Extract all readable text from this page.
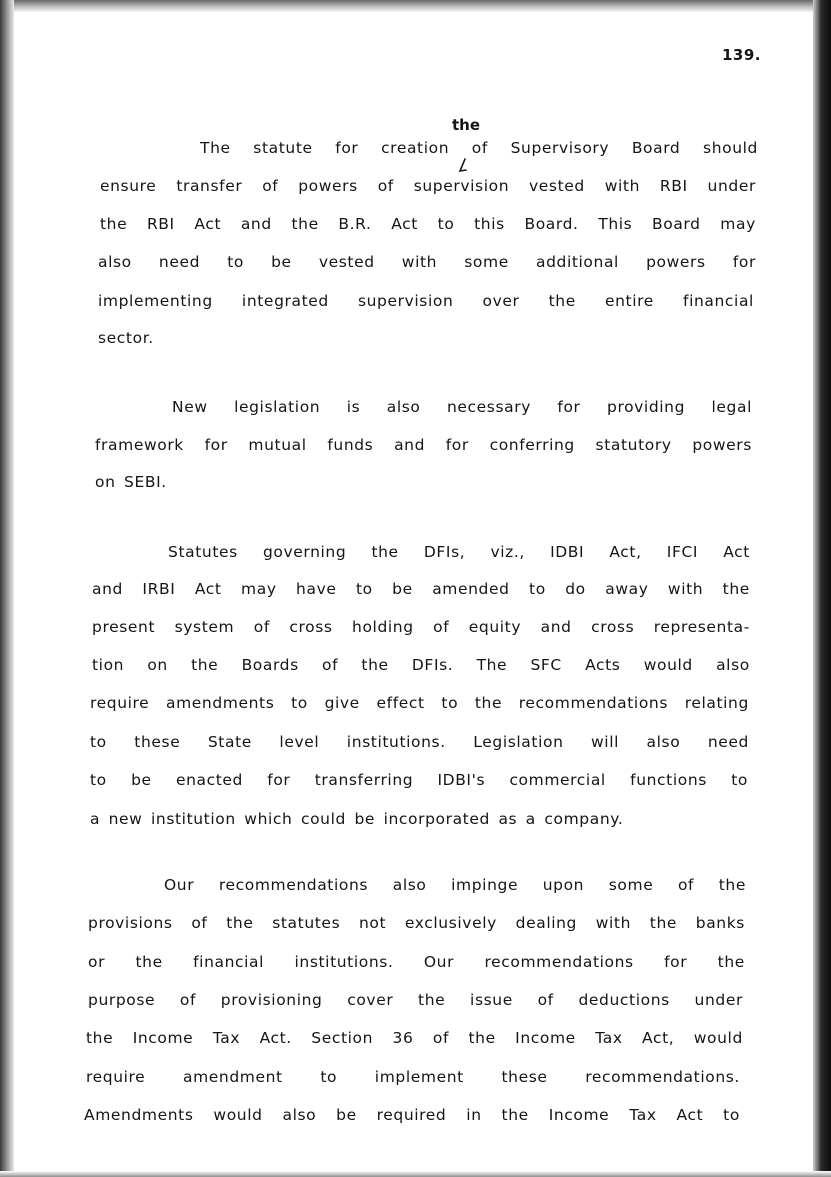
139.
the
The statute for creation of Supervisory Board should
ensure transfer of powers of supervision vested with RBI under
the RBI Act and the B.R. Act to this Board. This Board may
also need to be vested with some additional powers for
implementing integrated supervision over the entire financial
sector.
New legislation is also necessary for providing legal
framework for mutual funds and for conferring statutory powers
on SEBI.
Statutes governing the DFIs, viz., IDBI Act, IFCI Act
and IRBI Act may have to be amended to do away with the
present system of cross holding of equity and cross representa-
tion on the Boards of the DFIs. The SFC Acts would also
require amendments to give effect to the recommendations relating
to these State level institutions. Legislation will also need
to be enacted for transferring IDBI's commercial functions to
a new institution which could be incorporated as a company.
Our recommendations also impinge upon some of the
provisions of the statutes not exclusively dealing with the banks
or the financial institutions. Our recommendations for the
purpose of provisioning cover the issue of deductions under
the Income Tax Act. Section 36 of the Income Tax Act, would
require amendment to implement these recommendations.
Amendments would also be required in the Income Tax Act to
